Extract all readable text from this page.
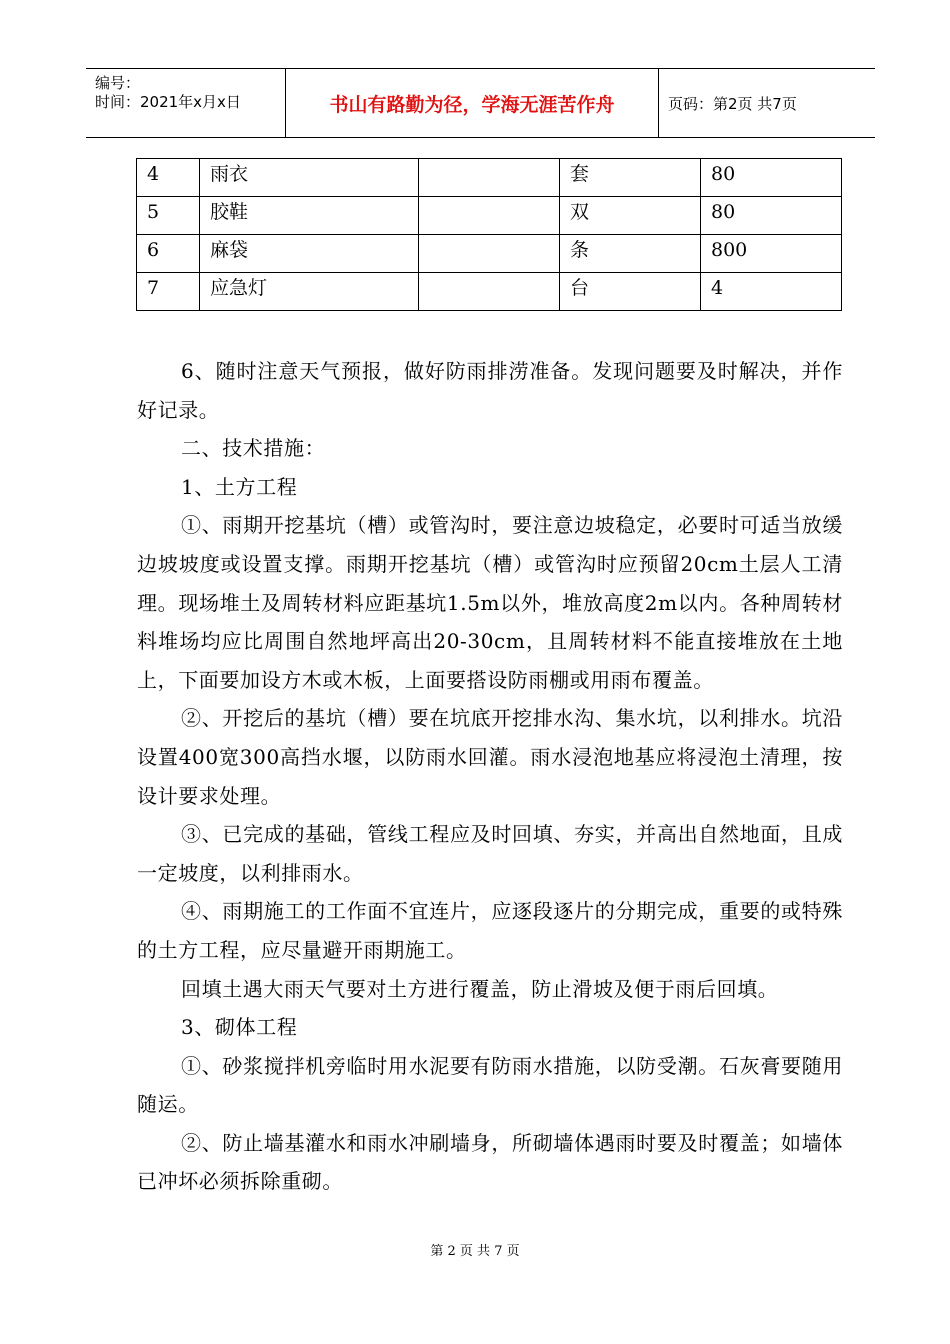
编号：
时间：2021年x月x日	书山有路勤为径，学海无涯苦作舟	页码：第2页 共7页
4	雨衣		套	80
5	胶鞋		双	80
6	麻袋		条	800
7	应急灯		台	4

6、随时注意天气预报，做好防雨排涝准备。发现问题要及时解决，并作好记录。

二、技术措施：

1、土方工程

①、雨期开挖基坑（槽）或管沟时，要注意边坡稳定，必要时可适当放缓边坡坡度或设置支撑。雨期开挖基坑（槽）或管沟时应预留20cm土层人工清理。现场堆土及周转材料应距基坑1.5m以外，堆放高度2m以内。各种周转材料堆场均应比周围自然地坪高出20-30cm，且周转材料不能直接堆放在土地上，下面要加设方木或木板，上面要搭设防雨棚或用雨布覆盖。

②、开挖后的基坑（槽）要在坑底开挖排水沟、集水坑，以利排水。坑沿设置400宽300高挡水堰，以防雨水回灌。雨水浸泡地基应将浸泡土清理，按设计要求处理。

③、已完成的基础，管线工程应及时回填、夯实，并高出自然地面，且成一定坡度，以利排雨水。

④、雨期施工的工作面不宜连片，应逐段逐片的分期完成，重要的或特殊的土方工程，应尽量避开雨期施工。

回填土遇大雨天气要对土方进行覆盖，防止滑坡及便于雨后回填。

3、砌体工程

①、砂浆搅拌机旁临时用水泥要有防雨水措施，以防受潮。石灰膏要随用随运。

②、防止墙基灌水和雨水冲刷墙身，所砌墙体遇雨时要及时覆盖；如墙体已冲坏必须拆除重砌。

第 2 页 共 7 页
